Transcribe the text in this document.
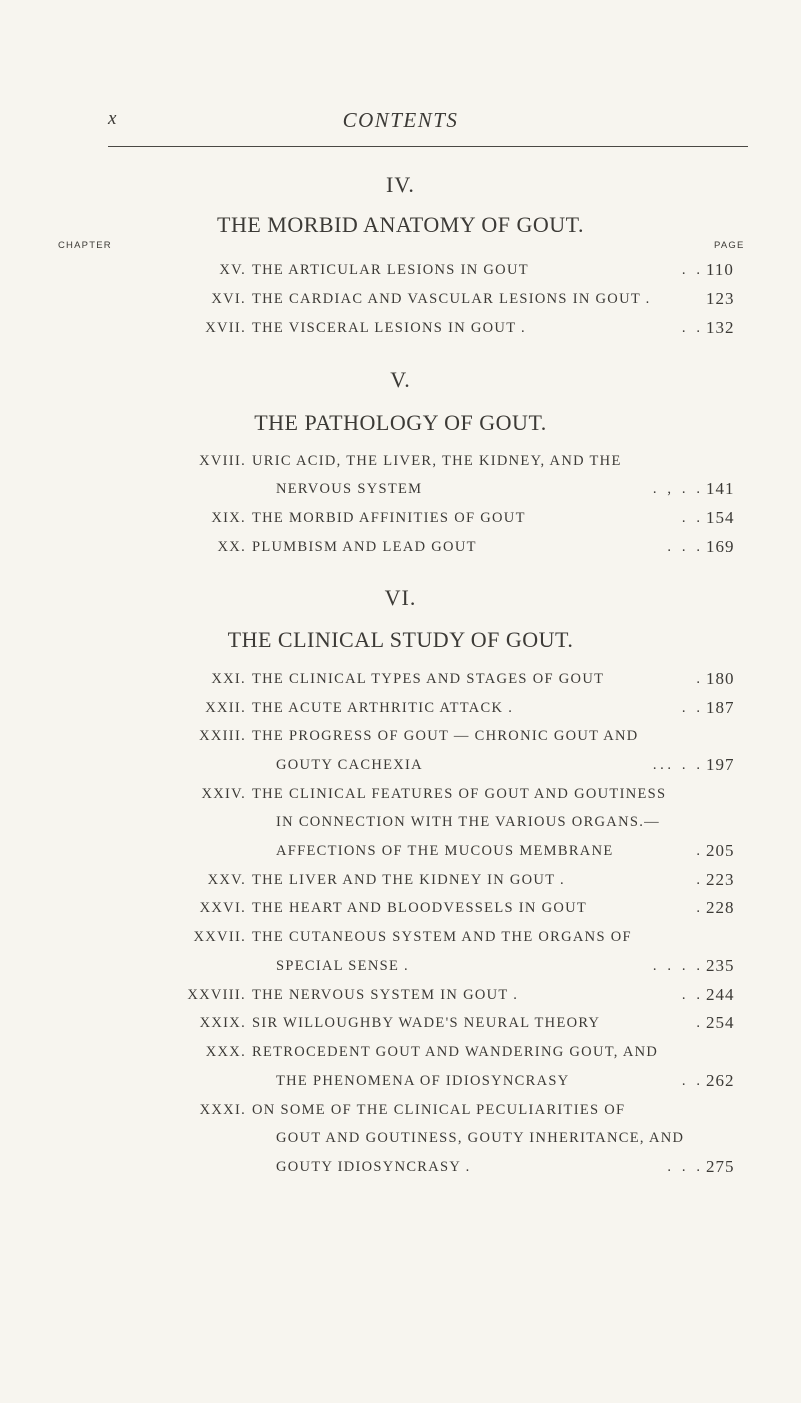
x	CONTENTS
IV.
THE MORBID ANATOMY OF GOUT.
CHAPTER	PAGE
XV. THE ARTICULAR LESIONS IN GOUT	.   . 110
XVI. THE CARDIAC AND VASCULAR LESIONS IN GOUT .	123
XVII. THE VISCERAL LESIONS IN GOUT .	.   . 132
V.
THE PATHOLOGY OF GOUT.
XVIII. URIC ACID, THE LIVER, THE KIDNEY, AND THE
NERVOUS SYSTEM	.   ,   .   . 141
XIX. THE MORBID AFFINITIES OF GOUT	.   . 154
XX. PLUMBISM AND LEAD GOUT	.   .   . 169
VI.
THE CLINICAL STUDY OF GOUT.
XXI. THE CLINICAL TYPES AND STAGES OF GOUT	. 180
XXII. THE ACUTE ARTHRITIC ATTACK .	.   . 187
XXIII. THE PROGRESS OF GOUT — CHRONIC GOUT AND
GOUTY CACHEXIA	. . .   .   . 197
XXIV. THE CLINICAL FEATURES OF GOUT AND GOUTINESS
IN CONNECTION WITH THE VARIOUS ORGANS.—
AFFECTIONS OF THE MUCOUS MEMBRANE	. 205
XXV. THE LIVER AND THE KIDNEY IN GOUT .	. 223
XXVI. THE HEART AND BLOODVESSELS IN GOUT	. 228
XXVII. THE CUTANEOUS SYSTEM AND THE ORGANS OF
SPECIAL SENSE .	.   .   .   . 235
XXVIII. THE NERVOUS SYSTEM IN GOUT .	.   . 244
XXIX. SIR WILLOUGHBY WADE'S NEURAL THEORY	. 254
XXX. RETROCEDENT GOUT AND WANDERING GOUT, AND
THE PHENOMENA OF IDIOSYNCRASY	.   . 262
XXXI. ON SOME OF THE CLINICAL PECULIARITIES OF
GOUT AND GOUTINESS, GOUTY INHERITANCE, AND
GOUTY IDIOSYNCRASY .	.   .   . 275
